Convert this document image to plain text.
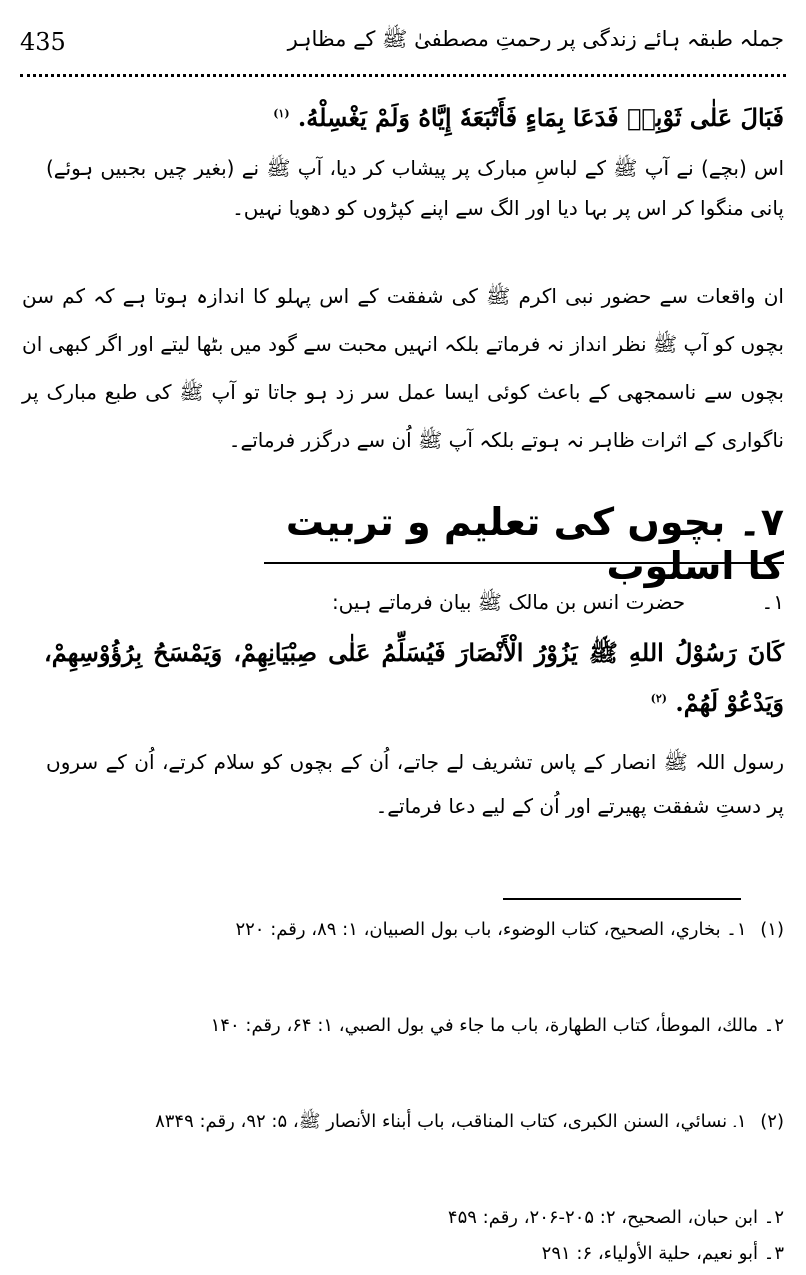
435	جملہ طبقہ ہائے زندگی پر رحمتِ مصطفیٰ ﷺ کے مظاہر
فَبَالَ عَلٰى ثَوْبِهٖ فَدَعَا بِمَاءٍ فَأَتْبَعَهٗ إِيَّاهُ وَلَمْ يَغْسِلْهُ. $^{(۱)}$
اس (بچے) نے آپ ﷺ کے لباسِ مبارک پر پیشاب کر دیا، آپ ﷺ نے (بغیر چیں بجبیں ہوئے) پانی منگوا کر اس پر بہا دیا اور الگ سے اپنے کپڑوں کو دھویا نہیں۔
ان واقعات سے حضور نبی اکرم ﷺ کی شفقت کے اس پہلو کا اندازہ ہوتا ہے کہ کم سن بچوں کو آپ ﷺ نظر انداز نہ فرماتے بلکہ انہیں محبت سے گود میں بٹھا لیتے اور اگر کبھی ان بچوں سے ناسمجھی کے باعث کوئی ایسا عمل سر زد ہو جاتا تو آپ ﷺ کی طبع مبارک پر ناگواری کے اثرات ظاہر نہ ہوتے بلکہ آپ ﷺ اُن سے درگزر فرماتے۔
۷۔ بچوں کی تعلیم و تربیت کا اسلوب
۱۔ حضرت انس بن مالک ﷺ بیان فرماتے ہیں:
كَانَ رَسُوْلُ اللهِ ﷺ يَزُوْرُ الْأَنْصَارَ فَيُسَلِّمُ عَلٰى صِبْيَانِهِمْ، وَيَمْسَحُ بِرُؤُوْسِهِمْ، وَيَدْعُوْ لَهُمْ. $^{(۲)}$
رسول اللہ ﷺ انصار کے پاس تشریف لے جاتے، اُن کے بچوں کو سلام کرتے، اُن کے سروں پر دستِ شفقت پھیرتے اور اُن کے لیے دعا فرماتے۔
(۱) ۱۔ بخاري، الصحيح، كتاب الوضوء، باب بول الصبيان، ۱: ۸۹، رقم: ۲۲۰
۲۔ مالك، الموطأ، كتاب الطهارة، باب ما جاء في بول الصبي، ۱: ۶۴، رقم: ۱۴۰
(۲) ۱۔ نسائي، السنن الكبرى، كتاب المناقب، باب أبناء الأنصار ﷺ، ۵: ۹۲، رقم: ۸۳۴۹
۲۔ ابن حبان، الصحيح، ۲: ۲۰۵-۲۰۶، رقم: ۴۵۹
۳۔ أبو نعيم، حلية الأولياء، ۶: ۲۹۱
